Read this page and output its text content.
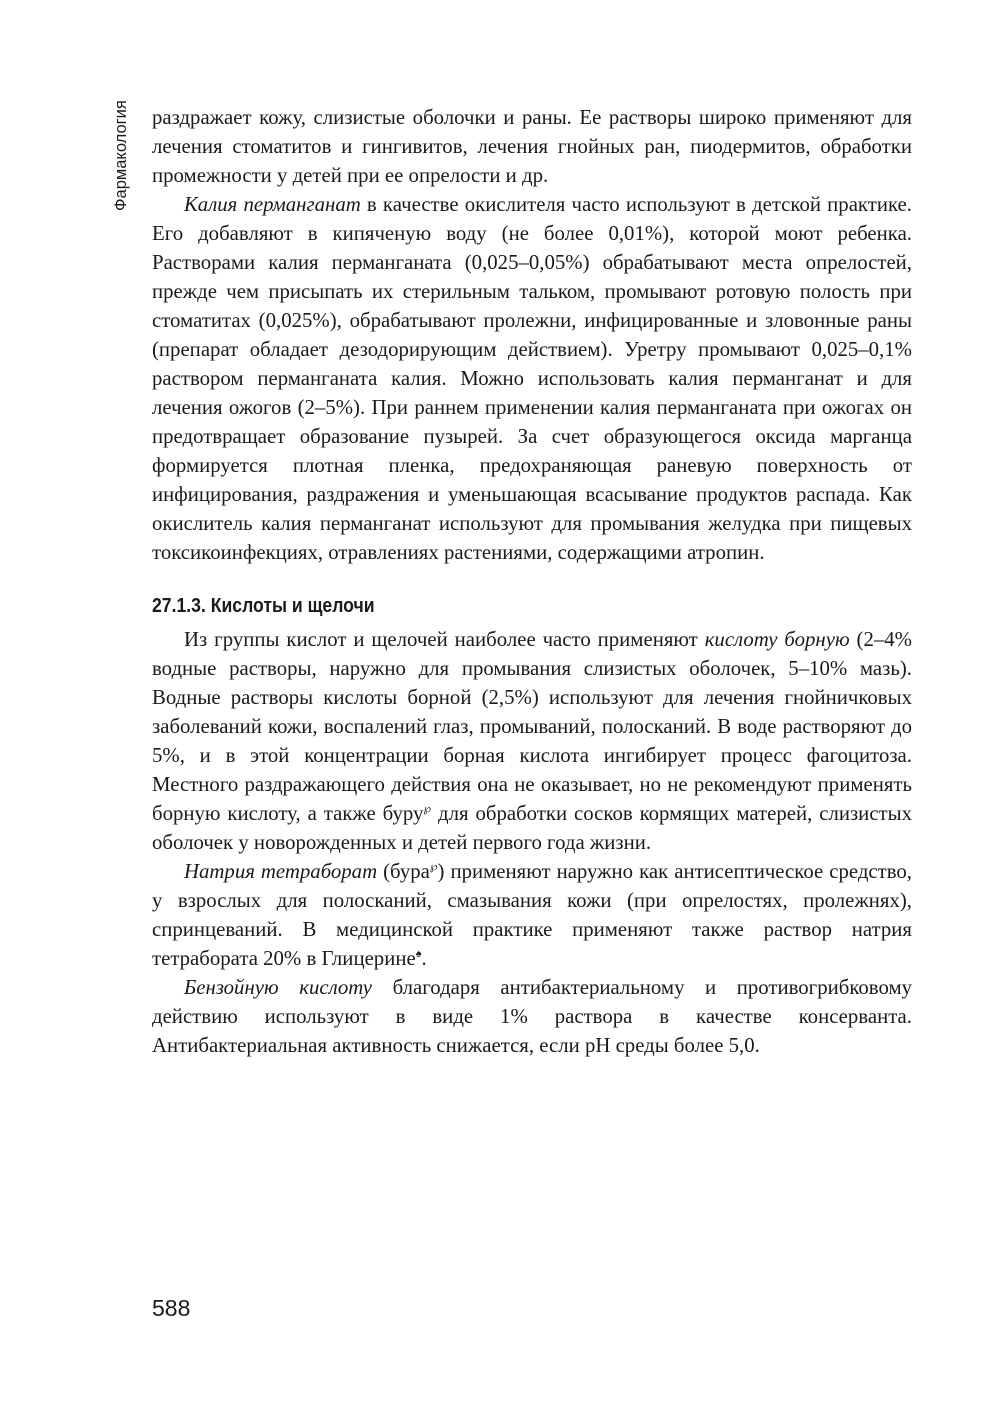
Фармакология	раздражает кожу, слизистые оболочки и раны. Ее растворы широко применяют для лечения стоматитов и гингивитов, лечения гнойных ран, пиодермитов, обработки промежности у детей при ее опрелости и др.

Калия перманганат в качестве окислителя часто используют в детской практике. Его добавляют в кипяченую воду (не более 0,01%), которой моют ребенка. Растворами калия перманганата (0,025–0,05%) обрабатывают места опрелостей, прежде чем присыпать их стерильным тальком, промывают ротовую полость при стоматитах (0,025%), обрабатывают пролежни, инфицированные и зловонные раны (препарат обладает дезодорирующим действием). Уретру промывают 0,025–0,1% раствором перманганата калия. Можно использовать калия перманганат и для лечения ожогов (2–5%). При раннем применении калия перманганата при ожогах он предотвращает образование пузырей. За счет образующегося оксида марганца формируется плотная пленка, предохраняющая раневую поверхность от инфицирования, раздражения и уменьшающая всасывание продуктов распада. Как окислитель калия перманганат используют для промывания желудка при пищевых токсикоинфекциях, отравлениях растениями, содержащими атропин.

27.1.3. Кислоты и щелочи

Из группы кислот и щелочей наиболее часто применяют кислоту борную (2–4% водные растворы, наружно для промывания слизистых оболочек, 5–10% мазь). Водные растворы кислоты борной (2,5%) используют для лечения гнойничковых заболеваний кожи, воспалений глаз, промываний, полосканий. В воде растворяют до 5%, и в этой концентрации борная кислота ингибирует процесс фагоцитоза. Местного раздражающего действия она не оказывает, но не рекомендуют применять борную кислоту, а также буру℘ для обработки сосков кормящих матерей, слизистых оболочек у новорожденных и детей первого года жизни.

Натрия тетраборат (бура℘) применяют наружно как антисептическое средство, у взрослых для полосканий, смазывания кожи (при опрелостях, пролежнях), спринцеваний. В медицинской практике применяют также раствор натрия тетрабората 20% в Глицерине♠.

Бензойную кислоту благодаря антибактериальному и противогрибковому действию используют в виде 1% раствора в качестве консерванта. Антибактериальная активность снижается, если рН среды более 5,0.

588
